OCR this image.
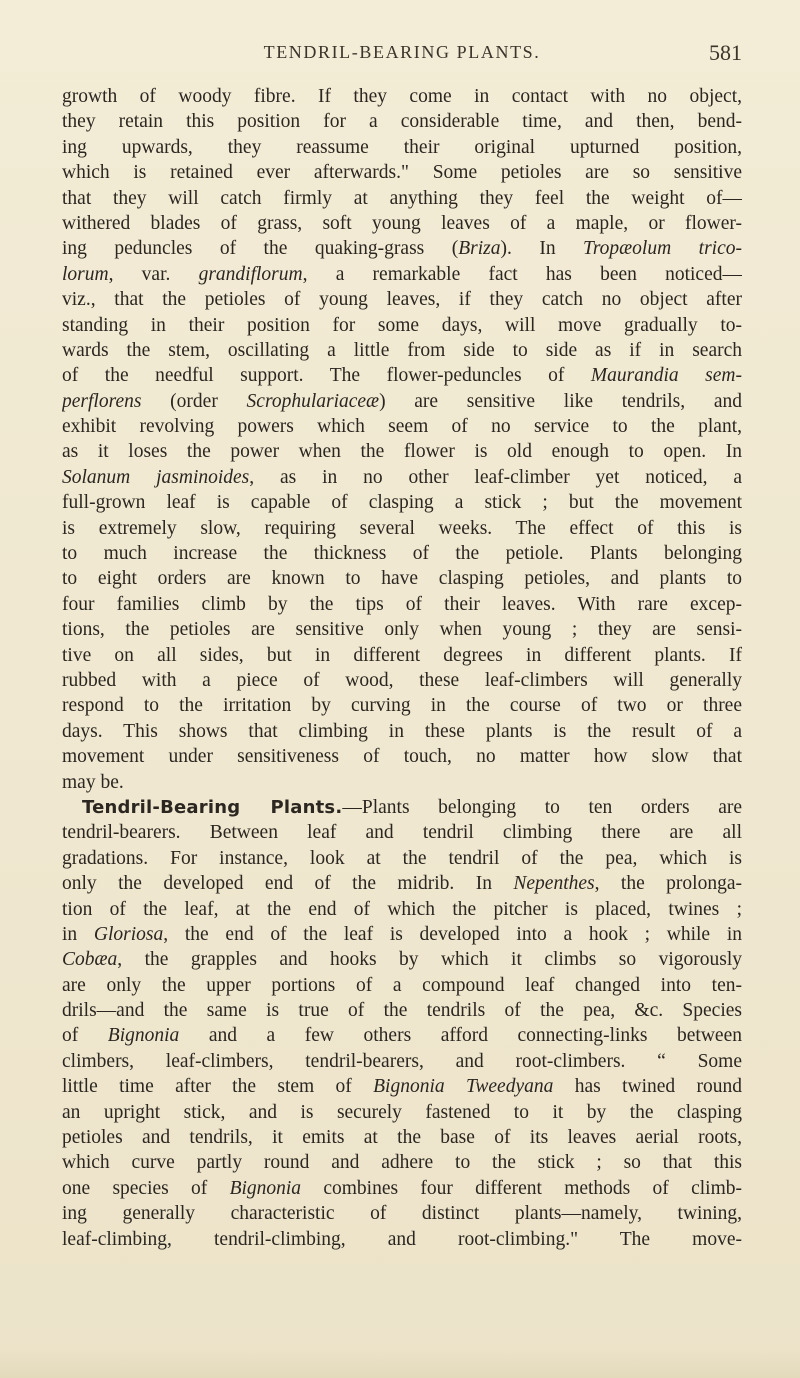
TENDRIL-BEARING PLANTS.	581
growth of woody fibre. If they come in contact with no object,
they retain this position for a considerable time, and then, bend-
ing upwards, they reassume their original upturned position,
which is retained ever afterwards." Some petioles are so sensitive
that they will catch firmly at anything they feel the weight of—
withered blades of grass, soft young leaves of a maple, or flower-
ing peduncles of the quaking-grass (Briza). In Tropæolum trico-
lorum, var. grandiflorum, a remarkable fact has been noticed—
viz., that the petioles of young leaves, if they catch no object after
standing in their position for some days, will move gradually to-
wards the stem, oscillating a little from side to side as if in search
of the needful support. The flower-peduncles of Maurandia sem-
perflorens (order Scrophulariaceæ) are sensitive like tendrils, and
exhibit revolving powers which seem of no service to the plant,
as it loses the power when the flower is old enough to open. In
Solanum jasminoides, as in no other leaf-climber yet noticed, a
full-grown leaf is capable of clasping a stick ; but the movement
is extremely slow, requiring several weeks. The effect of this is
to much increase the thickness of the petiole. Plants belonging
to eight orders are known to have clasping petioles, and plants to
four families climb by the tips of their leaves. With rare excep-
tions, the petioles are sensitive only when young ; they are sensi-
tive on all sides, but in different degrees in different plants. If
rubbed with a piece of wood, these leaf-climbers will generally
respond to the irritation by curving in the course of two or three
days. This shows that climbing in these plants is the result of a
movement under sensitiveness of touch, no matter how slow that
may be.
Tendril-Bearing Plants.—Plants belonging to ten orders are
tendril-bearers. Between leaf and tendril climbing there are all
gradations. For instance, look at the tendril of the pea, which is
only the developed end of the midrib. In Nepenthes, the prolonga-
tion of the leaf, at the end of which the pitcher is placed, twines ;
in Gloriosa, the end of the leaf is developed into a hook ; while in
Cobæa, the grapples and hooks by which it climbs so vigorously
are only the upper portions of a compound leaf changed into ten-
drils—and the same is true of the tendrils of the pea, &c. Species
of Bignonia and a few others afford connecting-links between
climbers, leaf-climbers, tendril-bearers, and root-climbers. “ Some
little time after the stem of Bignonia Tweedyana has twined round
an upright stick, and is securely fastened to it by the clasping
petioles and tendrils, it emits at the base of its leaves aerial roots,
which curve partly round and adhere to the stick ; so that this
one species of Bignonia combines four different methods of climb-
ing generally characteristic of distinct plants—namely, twining,
leaf-climbing, tendril-climbing, and root-climbing." The move-
